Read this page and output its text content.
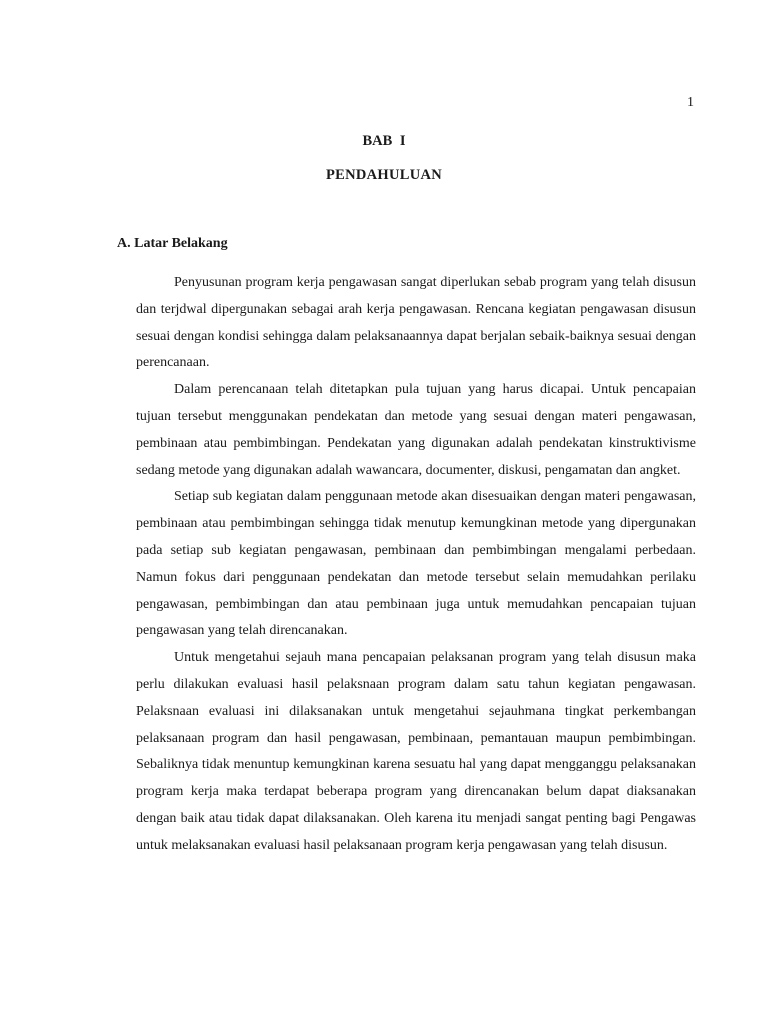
1
BAB I
PENDAHULUAN
A. Latar Belakang

Penyusunan program kerja pengawasan sangat diperlukan sebab program yang telah disusun dan terjdwal dipergunakan sebagai arah kerja pengawasan. Rencana kegiatan pengawasan disusun sesuai dengan kondisi sehingga dalam pelaksanaannya dapat berjalan sebaik-baiknya sesuai dengan perencanaan.

Dalam perencanaan telah ditetapkan pula tujuan yang harus dicapai. Untuk pencapaian tujuan tersebut menggunakan pendekatan dan metode yang sesuai dengan materi pengawasan, pembinaan atau pembimbingan. Pendekatan yang digunakan adalah pendekatan kinstruktivisme sedang metode yang digunakan adalah wawancara, documenter, diskusi, pengamatan dan angket.

Setiap sub kegiatan dalam penggunaan metode akan disesuaikan dengan materi pengawasan, pembinaan atau pembimbingan sehingga tidak menutup kemungkinan metode yang dipergunakan pada setiap sub kegiatan pengawasan, pembinaan dan pembimbingan mengalami perbedaan. Namun fokus dari penggunaan pendekatan dan metode tersebut selain memudahkan perilaku pengawasan, pembimbingan dan atau pembinaan juga untuk memudahkan pencapaian tujuan pengawasan yang telah direncanakan.

Untuk mengetahui sejauh mana pencapaian pelaksanan program yang telah disusun maka perlu dilakukan evaluasi hasil pelaksnaan program dalam satu tahun kegiatan pengawasan. Pelaksnaan evaluasi ini dilaksanakan untuk mengetahui sejauhmana tingkat perkembangan pelaksanaan program dan hasil pengawasan, pembinaan, pemantauan maupun pembimbingan. Sebaliknya tidak menuntup kemungkinan karena sesuatu hal yang dapat mengganggu pelaksanakan program kerja maka terdapat beberapa program yang direncanakan belum dapat diaksanakan dengan baik atau tidak dapat dilaksanakan. Oleh karena itu menjadi sangat penting bagi Pengawas untuk melaksanakan evaluasi hasil pelaksanaan program kerja pengawasan yang telah disusun.
